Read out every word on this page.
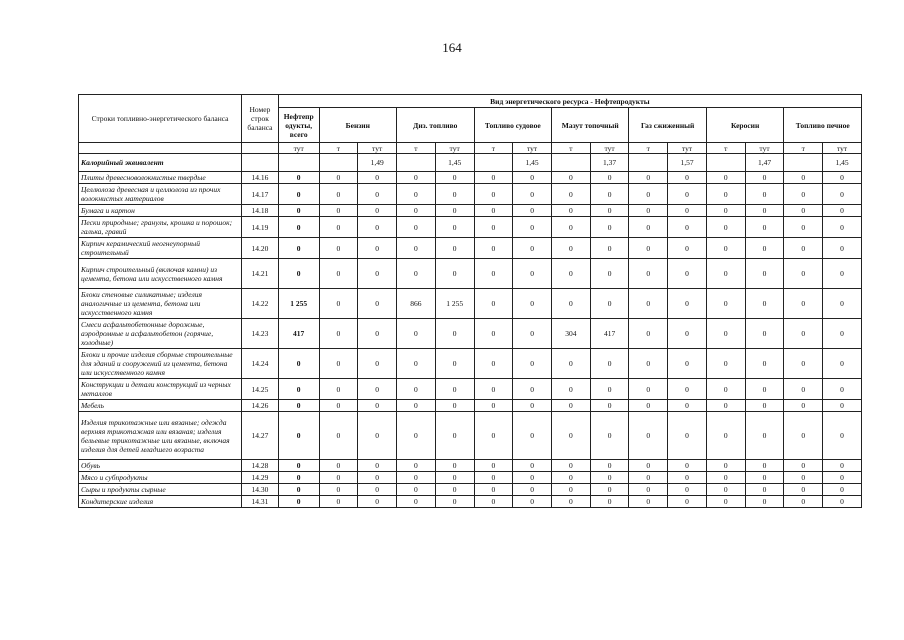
164
Строки топливно-энергетического баланса	Номер строк баланса	Вид энергетического ресурса - Нефтепродукты														
		Нефтепр одукты, всего	Бензин		Диз. топливо		Топливо судовое		Мазут топочный		Газ сжиженный		Керосин		Топливо печное	
		тут	т	тут	т	тут	т	тут	т	тут	т	тут	т	тут	т	тут
Калорийный эквивалент				1,49		1,45		1,45		1,37		1,57		1,47		1,45
Плиты древесноволокнистые твердые	14.16	0	0	0	0	0	0	0	0	0	0	0	0	0	0	0
Целлюлоза древесная и целлюлоза из прочих волокнистых материалов	14.17	0	0	0	0	0	0	0	0	0	0	0	0	0	0	0
Бумага и картон	14.18	0	0	0	0	0	0	0	0	0	0	0	0	0	0	0
Пески природные; гранулы, крошка и порошок; галька, гравий	14.19	0	0	0	0	0	0	0	0	0	0	0	0	0	0	0
Кирпич керамический неогнеупорный строительный	14.20	0	0	0	0	0	0	0	0	0	0	0	0	0	0	0
Кирпич строительный (включая камни) из цемента, бетона или искусственного камня	14.21	0	0	0	0	0	0	0	0	0	0	0	0	0	0	0
Блоки стеновые силикатные; изделия аналогичные из цемента, бетона или искусственного камня	14.22	1 255	0	0	866	1 255	0	0	0	0	0	0	0	0	0	0
Смеси асфальтобетонные дорожные, аэродромные и асфальтобетон (горячие, холодные)	14.23	417	0	0	0	0	0	0	304	417	0	0	0	0	0	0
Блоки и прочие изделия сборные строительные для зданий и сооружений из цемента, бетона или искусственного камня	14.24	0	0	0	0	0	0	0	0	0	0	0	0	0	0	0
Конструкции и детали конструкций из черных металлов	14.25	0	0	0	0	0	0	0	0	0	0	0	0	0	0	0
Мебель	14.26	0	0	0	0	0	0	0	0	0	0	0	0	0	0	0
Изделия трикотажные или вязаные; одежда верхняя трикотажная или вязаная; изделия бельевые трикотажные или вязаные, включая изделия для детей младшего возраста	14.27	0	0	0	0	0	0	0	0	0	0	0	0	0	0	0
Обувь	14.28	0	0	0	0	0	0	0	0	0	0	0	0	0	0	0
Мясо и субпродукты	14.29	0	0	0	0	0	0	0	0	0	0	0	0	0	0	0
Сыры и продукты сырные	14.30	0	0	0	0	0	0	0	0	0	0	0	0	0	0	0
Кондитерские изделия	14.31	0	0	0	0	0	0	0	0	0	0	0	0	0	0	0
